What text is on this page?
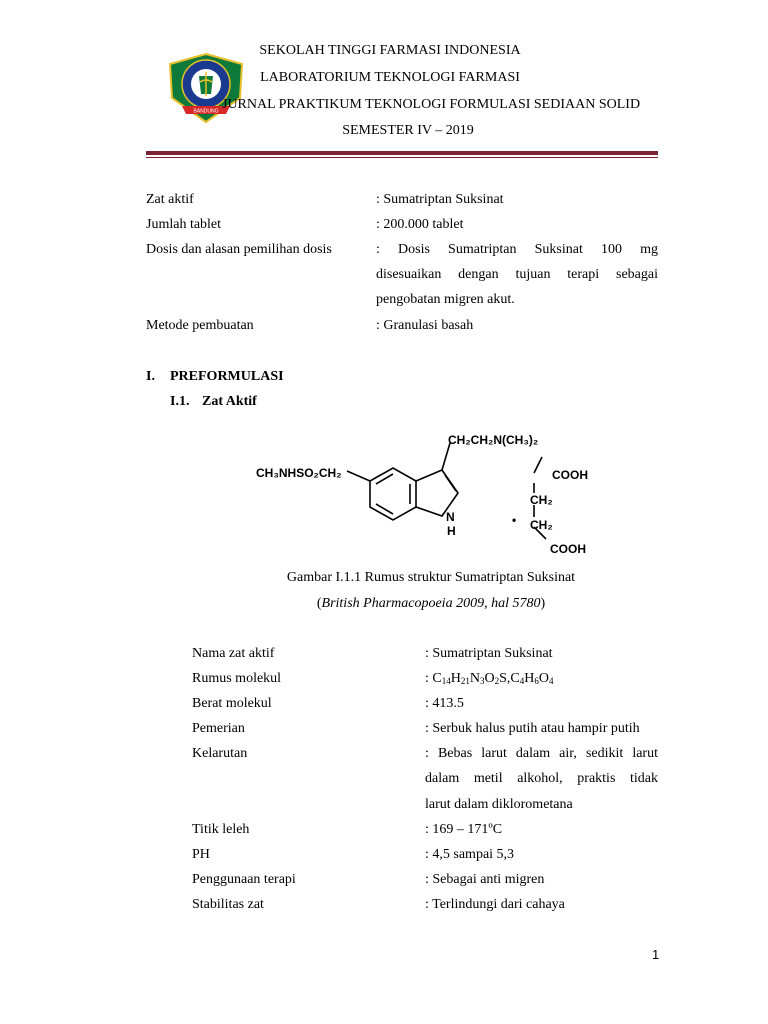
BANDUNG
SEKOLAH TINGGI FARMASI INDONESIA
LABORATORIUM TEKNOLOGI FARMASI
JURNAL PRAKTIKUM TEKNOLOGI FORMULASI SEDIAAN SOLID
SEMESTER IV – 2019
Zat aktif	: Sumatriptan Suksinat
Jumlah tablet	: 200.000 tablet
Dosis dan alasan pemilihan dosis	: Dosis Sumatriptan Suksinat 100 mg
disesuaikan dengan tujuan terapi sebagai
pengobatan migren akut.
Metode pembuatan	: Granulasi basah
I. PREFORMULASI
I.1. Zat Aktif
CH₃NHSO₂CH₂
CH₂CH₂N(CH₃)₂
N
H
•
COOH
CH₂
CH₂
COOH
Gambar I.1.1 Rumus struktur Sumatriptan Suksinat
(British Pharmacopoeia 2009, hal 5780)
Nama zat aktif	: Sumatriptan Suksinat
Rumus molekul	: $C_{14}H_{21}N_3O_2S,C_4H_6O_4$
Berat molekul	: 413.5
Pemerian	: Serbuk halus putih atau hampir putih
Kelarutan	: Bebas larut dalam air, sedikit larut
dalam metil alkohol, praktis tidak
larut dalam diklorometana
Titik leleh	: 169 – 171ºC
PH	: 4,5 sampai 5,3
Penggunaan terapi	: Sebagai anti migren
Stabilitas zat	: Terlindungi dari cahaya
1
